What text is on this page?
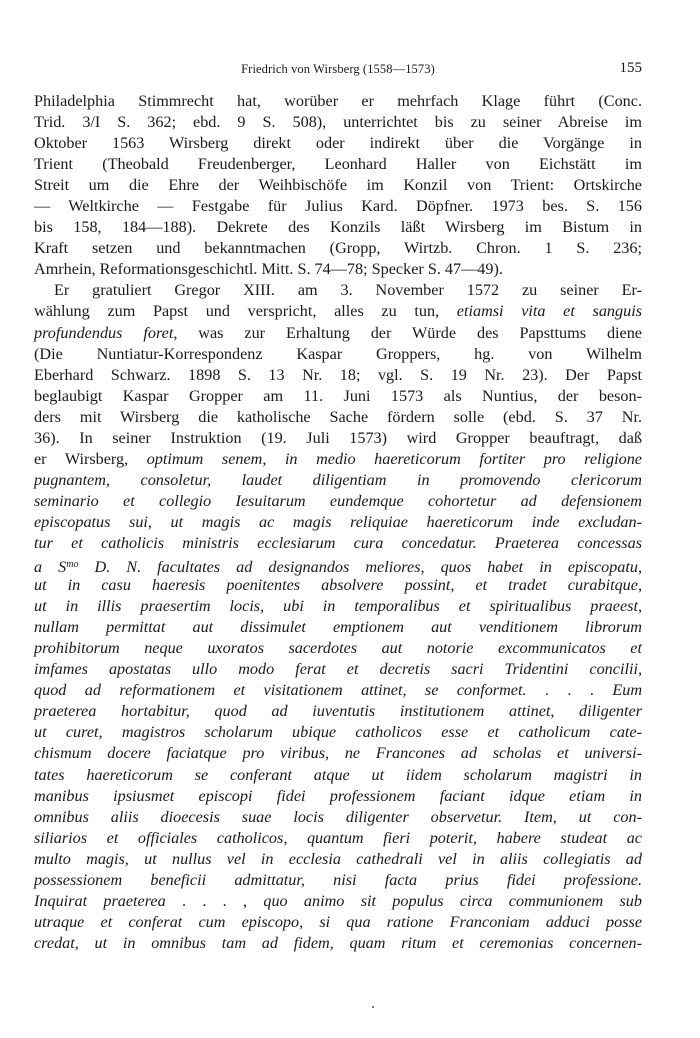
Friedrich von Wirsberg (1558—1573)	155
Philadelphia Stimmrecht hat, worüber er mehrfach Klage führt (Conc.
Trid. 3/I S. 362; ebd. 9 S. 508), unterrichtet bis zu seiner Abreise im
Oktober 1563 Wirsberg direkt oder indirekt über die Vorgänge in
Trient (Theobald Freudenberger, Leonhard Haller von Eichstätt im
Streit um die Ehre der Weihbischöfe im Konzil von Trient: Ortskirche
— Weltkirche — Festgabe für Julius Kard. Döpfner. 1973 bes. S. 156
bis 158, 184—188). Dekrete des Konzils läßt Wirsberg im Bistum in
Kraft setzen und bekanntmachen (Gropp, Wirtzb. Chron. 1 S. 236;
Amrhein, Reformationsgeschichtl. Mitt. S. 74—78; Specker S. 47—49).
Er gratuliert Gregor XIII. am 3. November 1572 zu seiner Er-
wählung zum Papst und verspricht, alles zu tun, etiamsi vita et sanguis
profundendus foret, was zur Erhaltung der Würde des Papsttums diene
(Die Nuntiatur-Korrespondenz Kaspar Groppers, hg. von Wilhelm
Eberhard Schwarz. 1898 S. 13 Nr. 18; vgl. S. 19 Nr. 23). Der Papst
beglaubigt Kaspar Gropper am 11. Juni 1573 als Nuntius, der beson-
ders mit Wirsberg die katholische Sache fördern solle (ebd. S. 37 Nr.
36). In seiner Instruktion (19. Juli 1573) wird Gropper beauftragt, daß
er Wirsberg, optimum senem, in medio haereticorum fortiter pro religione
pugnantem, consoletur, laudet diligentiam in promovendo clericorum
seminario et collegio Iesuitarum eundemque cohortetur ad defensionem
episcopatus sui, ut magis ac magis reliquiae haereticorum inde excludan-
tur et catholicis ministris ecclesiarum cura concedatur. Praeterea concessas
a $S^{mo}$ D. N. facultates ad designandos meliores, quos habet in episcopatu,
ut in casu haeresis poenitentes absolvere possint, et tradet curabitque,
ut in illis praesertim locis, ubi in temporalibus et spiritualibus praeest,
nullam permittat aut dissimulet emptionem aut venditionem librorum
prohibitorum neque uxoratos sacerdotes aut notorie excommunicatos et
imfames apostatas ullo modo ferat et decretis sacri Tridentini concilii,
quod ad reformationem et visitationem attinet, se conformet. . . . Eum
praeterea hortabitur, quod ad iuventutis institutionem attinet, diligenter
ut curet, magistros scholarum ubique catholicos esse et catholicum cate-
chismum docere faciatque pro viribus, ne Francones ad scholas et universi-
tates haereticorum se conferant atque ut iidem scholarum magistri in
manibus ipsiusmet episcopi fidei professionem faciant idque etiam in
omnibus aliis dioecesis suae locis diligenter observetur. Item, ut con-
siliarios et officiales catholicos, quantum fieri poterit, habere studeat ac
multo magis, ut nullus vel in ecclesia cathedrali vel in aliis collegiatis ad
possessionem beneficii admittatur, nisi facta prius fidei professione.
Inquirat praeterea . . . , quo animo sit populus circa communionem sub
utraque et conferat cum episcopo, si qua ratione Franconiam adduci posse
credat, ut in omnibus tam ad fidem, quam ritum et ceremonias concernen-
